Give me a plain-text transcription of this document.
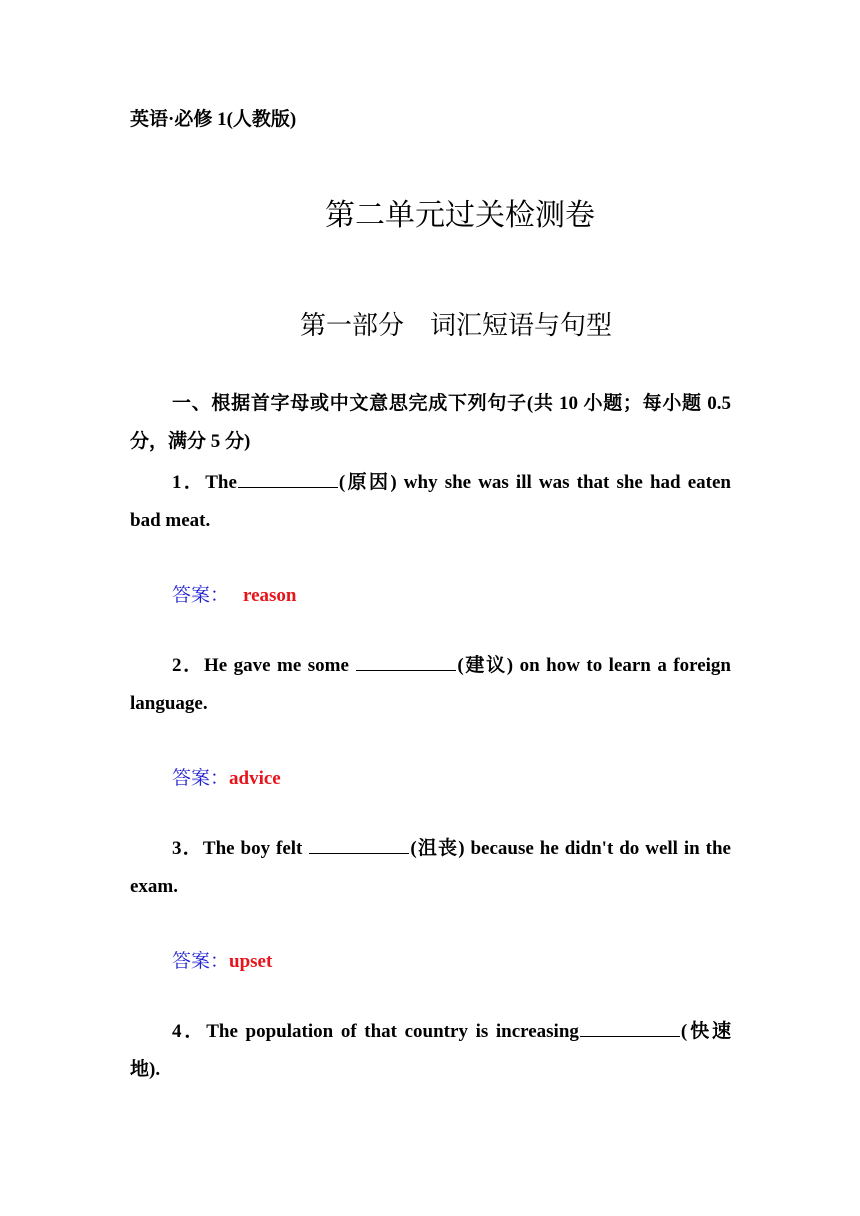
英语·必修 1(人教版)
第二单元过关检测卷
第一部分　词汇短语与句型
一、根据首字母或中文意思完成下列句子(共 10 小题；每小题 0.5 分，满分 5 分)
1．The	(原因) why she was ill was that she had eaten bad meat.
答案： reason
2．He gave me some	(建议) on how to learn a foreign language.
答案：advice
3．The boy felt	(沮丧) because he didn't do well in the exam.
答案：upset
4．The population of that country is increasing	(快速地).
